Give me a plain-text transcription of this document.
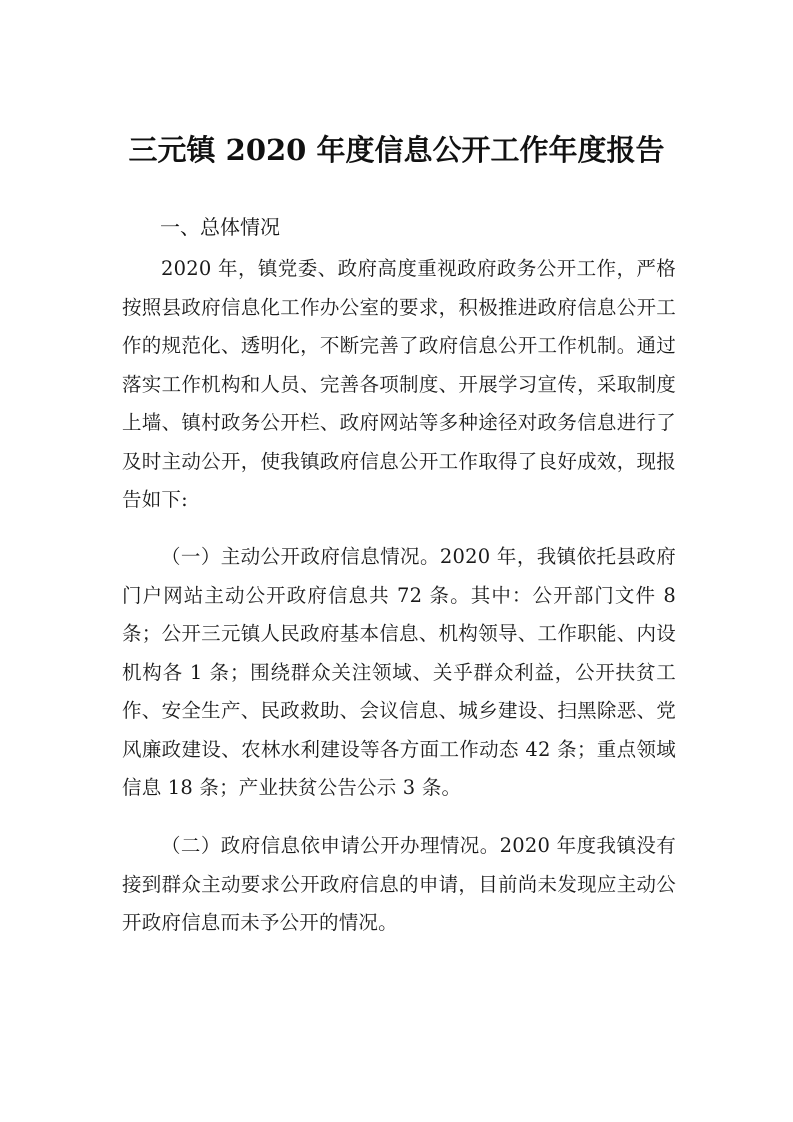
三元镇 2020 年度信息公开工作年度报告
一、总体情况

2020 年，镇党委、政府高度重视政府政务公开工作，严格按照县政府信息化工作办公室的要求，积极推进政府信息公开工作的规范化、透明化，不断完善了政府信息公开工作机制。通过落实工作机构和人员、完善各项制度、开展学习宣传，采取制度上墙、镇村政务公开栏、政府网站等多种途径对政务信息进行了及时主动公开，使我镇政府信息公开工作取得了良好成效，现报告如下:

（一）主动公开政府信息情况。2020 年，我镇依托县政府门户网站主动公开政府信息共 72 条。其中：公开部门文件 8 条；公开三元镇人民政府基本信息、机构领导、工作职能、内设机构各 1 条；围绕群众关注领域、关乎群众利益，公开扶贫工作、安全生产、民政救助、会议信息、城乡建设、扫黑除恶、党风廉政建设、农林水利建设等各方面工作动态 42 条；重点领域信息 18 条；产业扶贫公告公示 3 条。

（二）政府信息依申请公开办理情况。2020 年度我镇没有接到群众主动要求公开政府信息的申请，目前尚未发现应主动公开政府信息而未予公开的情况。
